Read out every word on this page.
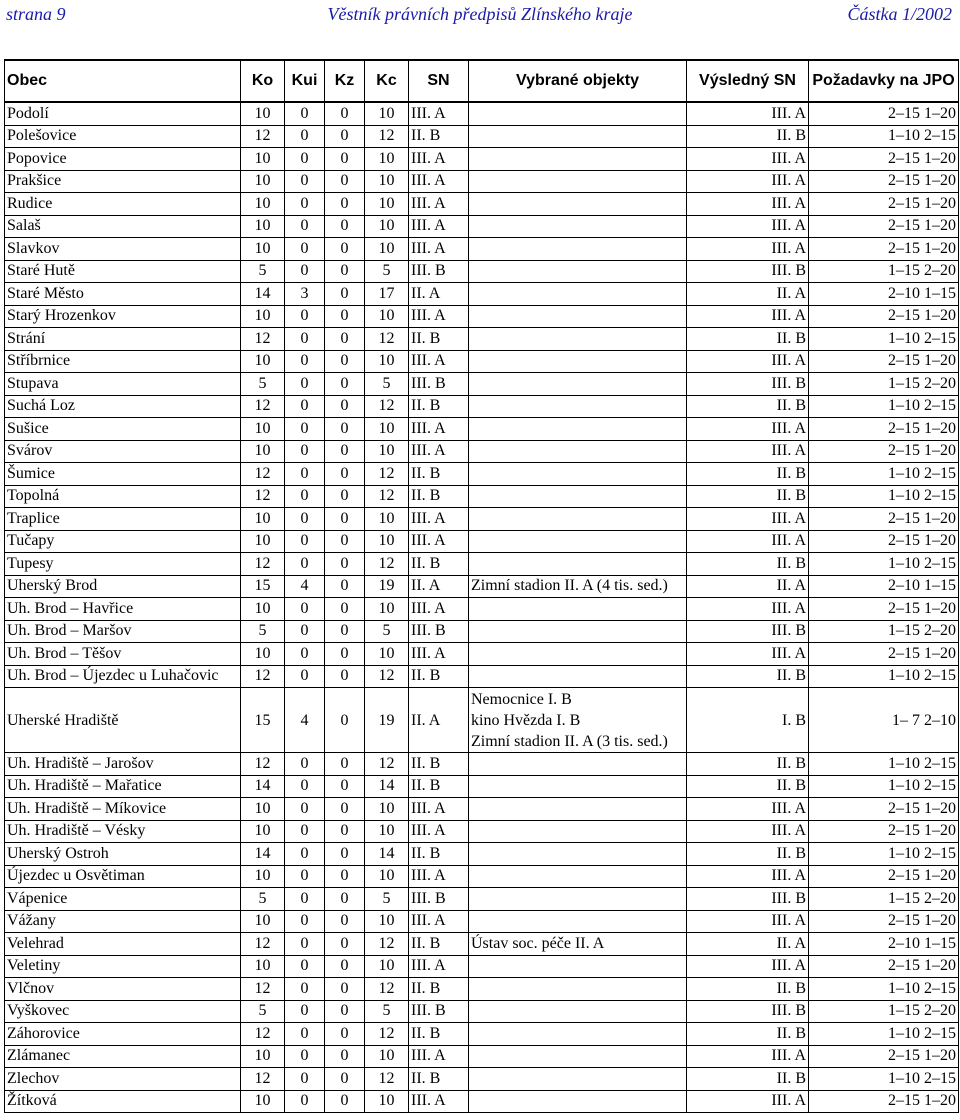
strana 9	Věstník právních předpisů Zlínského kraje	Částka 1/2002
Obec	Ko	Kui	Kz	Kc	SN	Vybrané objekty	Výsledný SN	Požadavky na JPO
Podolí	10	0	0	10	III. A		III. A	2–15 1–20
Polešovice	12	0	0	12	II. B		II. B	1–10 2–15
Popovice	10	0	0	10	III. A		III. A	2–15 1–20
Prakšice	10	0	0	10	III. A		III. A	2–15 1–20
Rudice	10	0	0	10	III. A		III. A	2–15 1–20
Salaš	10	0	0	10	III. A		III. A	2–15 1–20
Slavkov	10	0	0	10	III. A		III. A	2–15 1–20
Staré Hutě	5	0	0	5	III. B		III. B	1–15 2–20
Staré Město	14	3	0	17	II. A		II. A	2–10 1–15
Starý Hrozenkov	10	0	0	10	III. A		III. A	2–15 1–20
Strání	12	0	0	12	II. B		II. B	1–10 2–15
Stříbrnice	10	0	0	10	III. A		III. A	2–15 1–20
Stupava	5	0	0	5	III. B		III. B	1–15 2–20
Suchá Loz	12	0	0	12	II. B		II. B	1–10 2–15
Sušice	10	0	0	10	III. A		III. A	2–15 1–20
Svárov	10	0	0	10	III. A		III. A	2–15 1–20
Šumice	12	0	0	12	II. B		II. B	1–10 2–15
Topolná	12	0	0	12	II. B		II. B	1–10 2–15
Traplice	10	0	0	10	III. A		III. A	2–15 1–20
Tučapy	10	0	0	10	III. A		III. A	2–15 1–20
Tupesy	12	0	0	12	II. B		II. B	1–10 2–15
Uherský Brod	15	4	0	19	II. A	Zimní stadion II. A (4 tis. sed.)	II. A	2–10 1–15
Uh. Brod – Havřice	10	0	0	10	III. A		III. A	2–15 1–20
Uh. Brod – Maršov	5	0	0	5	III. B		III. B	1–15 2–20
Uh. Brod – Těšov	10	0	0	10	III. A		III. A	2–15 1–20
Uh. Brod – Újezdec u Luhačovic	12	0	0	12	II. B		II. B	1–10 2–15
Uherské Hradiště	15	4	0	19	II. A	Nemocnice I. B
kino Hvězda I. B
Zimní stadion II. A (3 tis. sed.)	I. B	1– 7 2–10
Uh. Hradiště – Jarošov	12	0	0	12	II. B		II. B	1–10 2–15
Uh. Hradiště – Mařatice	14	0	0	14	II. B		II. B	1–10 2–15
Uh. Hradiště – Míkovice	10	0	0	10	III. A		III. A	2–15 1–20
Uh. Hradiště – Vésky	10	0	0	10	III. A		III. A	2–15 1–20
Uherský Ostroh	14	0	0	14	II. B		II. B	1–10 2–15
Újezdec u Osvětiman	10	0	0	10	III. A		III. A	2–15 1–20
Vápenice	5	0	0	5	III. B		III. B	1–15 2–20
Vážany	10	0	0	10	III. A		III. A	2–15 1–20
Velehrad	12	0	0	12	II. B	Ústav soc. péče II. A	II. A	2–10 1–15
Veletiny	10	0	0	10	III. A		III. A	2–15 1–20
Vlčnov	12	0	0	12	II. B		II. B	1–10 2–15
Vyškovec	5	0	0	5	III. B		III. B	1–15 2–20
Záhorovice	12	0	0	12	II. B		II. B	1–10 2–15
Zlámanec	10	0	0	10	III. A		III. A	2–15 1–20
Zlechov	12	0	0	12	II. B		II. B	1–10 2–15
Žítková	10	0	0	10	III. A		III. A	2–15 1–20
